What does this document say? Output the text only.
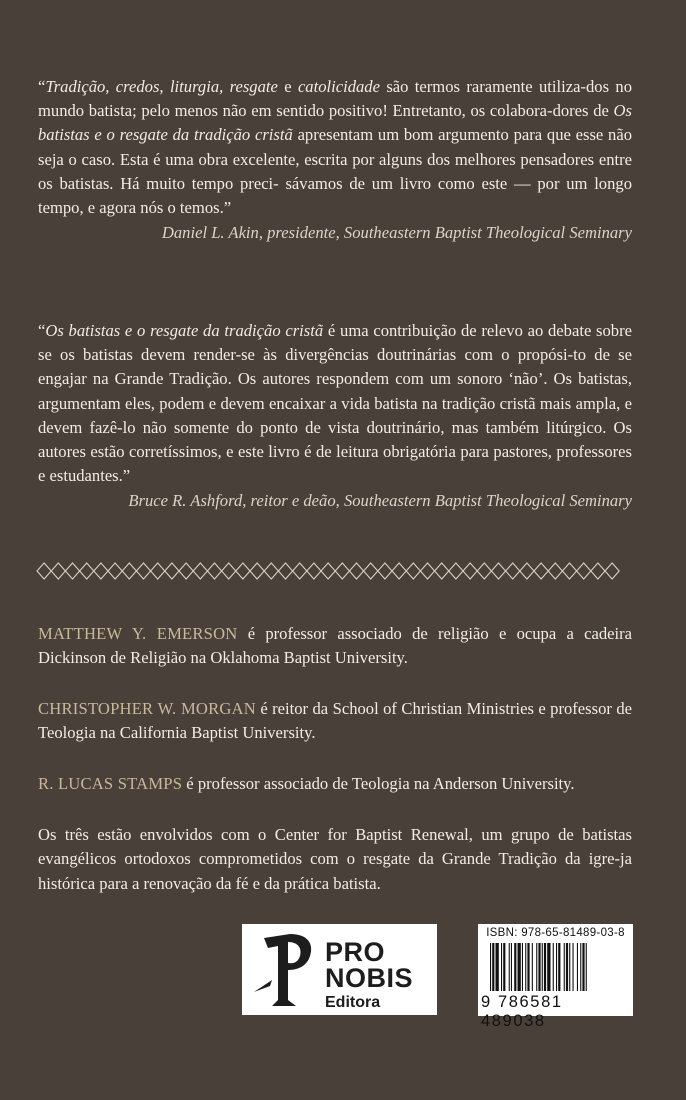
“Tradição, credos, liturgia, resgate e catolicidade são termos raramente utiliza-dos no mundo batista; pelo menos não em sentido positivo! Entretanto, os colabora-dores de Os batistas e o resgate da tradição cristã apresentam um bom argumento para que esse não seja o caso. Esta é uma obra excelente, escrita por alguns dos melhores pensadores entre os batistas. Há muito tempo preci- sávamos de um livro como este — por um longo tempo, e agora nós o temos.”

Daniel L. Akin, presidente, Southeastern Baptist Theological Seminary

“Os batistas e o resgate da tradição cristã é uma contribuição de relevo ao debate sobre se os batistas devem render-se às divergências doutrinárias com o propósi-to de se engajar na Grande Tradição. Os autores respondem com um sonoro ‘não’. Os batistas, argumentam eles, podem e devem encaixar a vida batista na tradição cristã mais ampla, e devem fazê-lo não somente do ponto de vista doutrinário, mas também litúrgico. Os autores estão corretíssimos, e este livro é de leitura obrigatória para pastores, professores e estudantes.”

Bruce R. Ashford, reitor e deão, Southeastern Baptist Theological Seminary

MATTHEW Y. EMERSON é professor associado de religião e ocupa a cadeira Dickinson de Religião na Oklahoma Baptist University.

CHRISTOPHER W. MORGAN é reitor da School of Christian Ministries e professor de Teologia na California Baptist University.

R. LUCAS STAMPS é professor associado de Teologia na Anderson University.

Os três estão envolvidos com o Center for Baptist Renewal, um grupo de batistas evangélicos ortodoxos comprometidos com o resgate da Grande Tradição da igre-ja histórica para a renovação da fé e da prática batista.

PRO
NOBIS
Editora
ISBN: 978-65-81489-03-8
9 786581 489038
